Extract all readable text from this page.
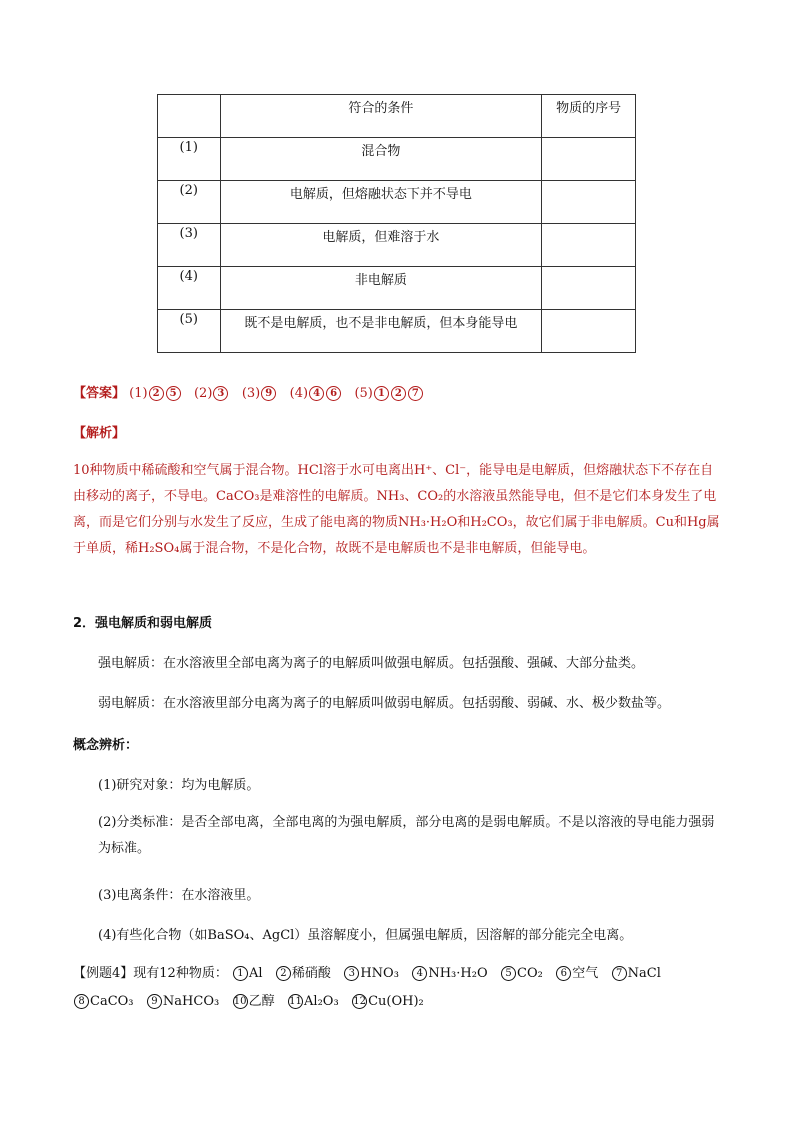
	符合的条件	物质的序号
(1)	混合物	
(2)	电解质，但熔融状态下并不导电	
(3)	电解质，但难溶于水	
(4)	非电解质	
(5)	既不是电解质，也不是非电解质，但本身能导电	
【答案】 (1) 2 5 (2) 3 (3) 9 (4) 4 6 (5) 1 2 7
【解析】
10种物质中稀硫酸和空气属于混合物。HCl溶于水可电离出H⁺、Cl⁻，能导电是电解质，但熔融状态下不存在自由移动的离子，不导电。CaCO₃是难溶性的电解质。NH₃、CO₂的水溶液虽然能导电，但不是它们本身发生了电离，而是它们分别与水发生了反应，生成了能电离的物质NH₃·H₂O和H₂CO₃，故它们属于非电解质。Cu和Hg属于单质，稀H₂SO₄属于混合物，不是化合物，故既不是电解质也不是非电解质，但能导电。
2．强电解质和弱电解质
强电解质：在水溶液里全部电离为离子的电解质叫做强电解质。包括强酸、强碱、大部分盐类。
弱电解质：在水溶液里部分电离为离子的电解质叫做弱电解质。包括弱酸、弱碱、水、极少数盐等。
概念辨析：
(1)研究对象：均为电解质。
(2)分类标准：是否全部电离，全部电离的为强电解质，部分电离的是弱电解质。不是以溶液的导电能力强弱为标准。
(3)电离条件：在水溶液里。
(4)有些化合物（如BaSO₄、AgCl）虽溶解度小，但属强电解质，因溶解的部分能完全电离。
【例题4】现有12种物质： 1 Al 2 稀硝酸 3 HNO₃ 4 NH₃·H₂O 5 CO₂ 6 空气 7 NaCl
8 CaCO₃ 9 NaHCO₃ 10 乙醇 11 Al₂O₃ 12 Cu(OH)₂
